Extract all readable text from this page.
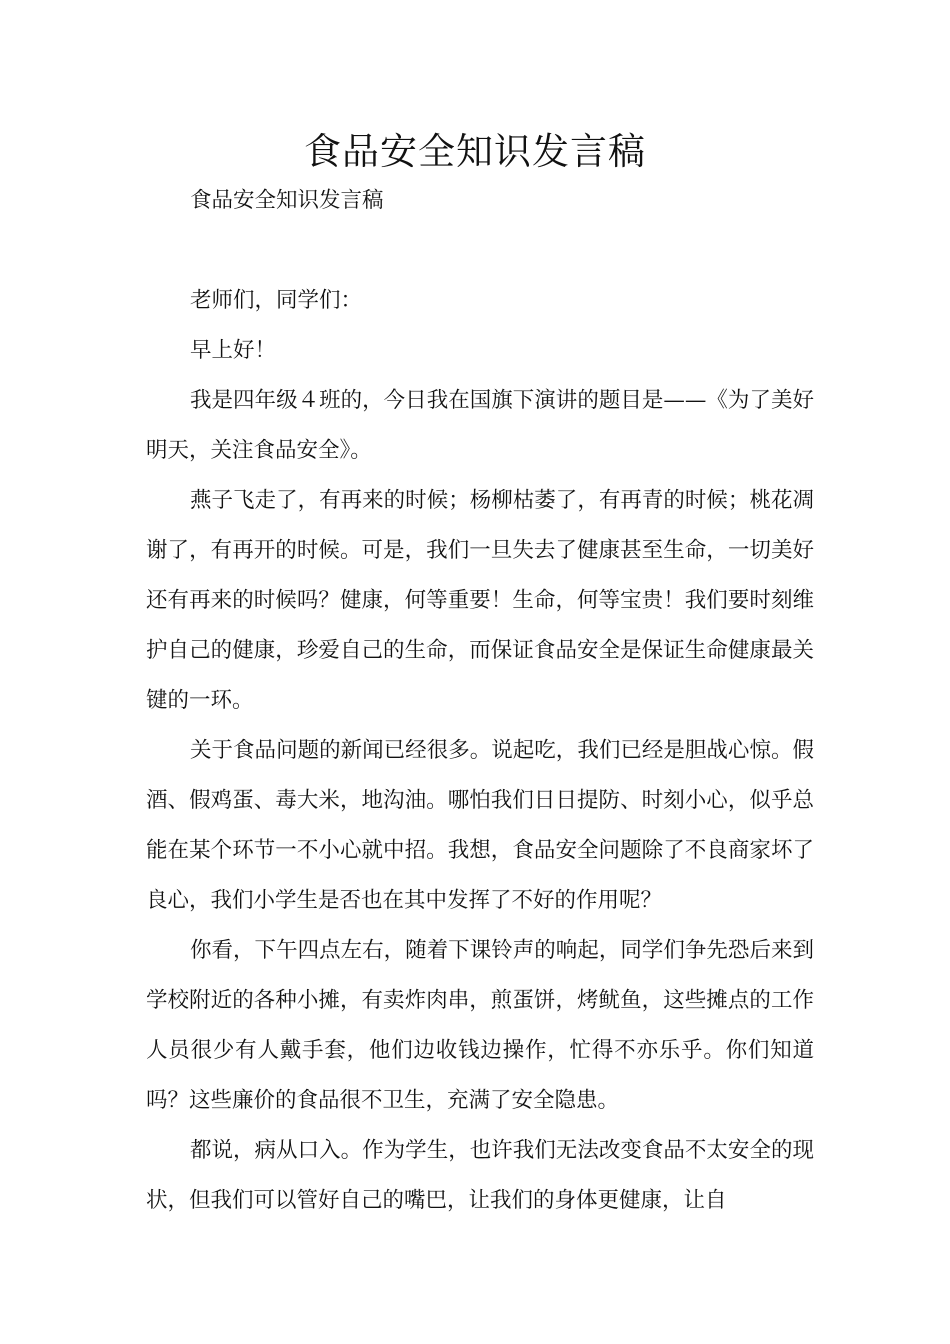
食品安全知识发言稿

食品安全知识发言稿

老师们，同学们：

早上好！

我是四年级４班的，今日我在国旗下演讲的题目是——《为了美好明天，关注食品安全》。

燕子飞走了，有再来的时候；杨柳枯萎了，有再青的时候；桃花凋谢了，有再开的时候。可是，我们一旦失去了健康甚至生命，一切美好还有再来的时候吗？健康，何等重要！生命，何等宝贵！我们要时刻维护自己的健康，珍爱自己的生命，而保证食品安全是保证生命健康最关键的一环。

关于食品问题的新闻已经很多。说起吃，我们已经是胆战心惊。假酒、假鸡蛋、毒大米，地沟油。哪怕我们日日提防、时刻小心，似乎总能在某个环节一不小心就中招。我想，食品安全问题除了不良商家坏了良心，我们小学生是否也在其中发挥了不好的作用呢？

你看，下午四点左右，随着下课铃声的响起，同学们争先恐后来到学校附近的各种小摊，有卖炸肉串，煎蛋饼，烤鱿鱼，这些摊点的工作人员很少有人戴手套，他们边收钱边操作，忙得不亦乐乎。你们知道吗？这些廉价的食品很不卫生，充满了安全隐患。

都说，病从口入。作为学生，也许我们无法改变食品不太安全的现状，但我们可以管好自己的嘴巴，让我们的身体更健康，让自
